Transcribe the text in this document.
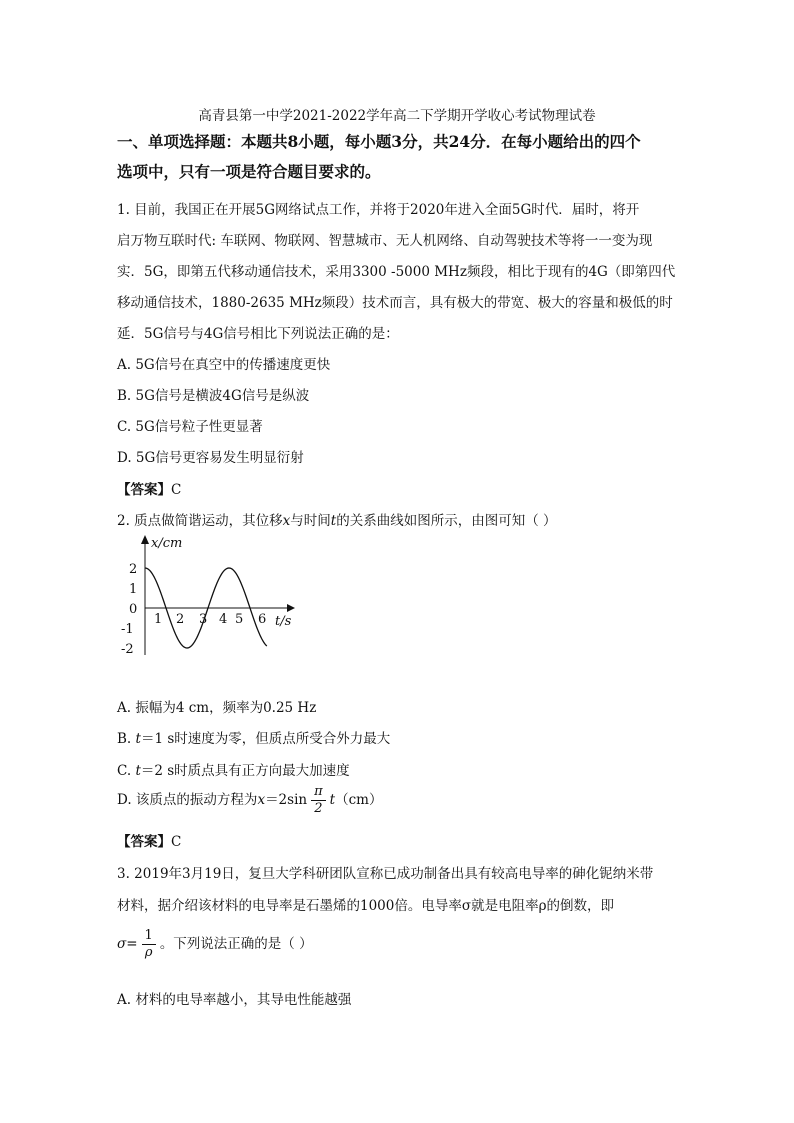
高青县第一中学2021-2022学年高二下学期开学收心考试物理试卷
一、单项选择题：本题共8小题，每小题3分，共24分．在每小题给出的四个
选项中，只有一项是符合题目要求的。
1. 目前，我国正在开展5G网络试点工作，并将于2020年进入全面5G时代．届时，将开
启万物互联时代: 车联网、物联网、智慧城市、无人机网络、自动驾驶技术等将一一变为现
实．5G，即第五代移动通信技术，采用3300 -5000 MHz频段，相比于现有的4G（即第四代
移动通信技术，1880-2635 MHz频段）技术而言，具有极大的带宽、极大的容量和极低的时
延．5G信号与4G信号相比下列说法正确的是：
A. 5G信号在真空中的传播速度更快
B. 5G信号是横波4G信号是纵波
C. 5G信号粒子性更显著
D. 5G信号更容易发生明显衍射
【答案】C
2. 质点做简谐运动，其位移x与时间t的关系曲线如图所示，由图可知（ ）
x/cm
t/s
2
1
0
-1
-2
1 2 3 4 5 6
A. 振幅为4 cm，频率为0.25 Hz
B. t＝1 s时速度为零，但质点所受合外力最大
C. t＝2 s时质点具有正方向最大加速度
D. 该质点的振动方程为$x=2\sin \frac{\pi}{2} t(cm)$
【答案】C
3. 2019年3月19日，复旦大学科研团队宣称已成功制备出具有较高电导率的砷化铌纳米带
材料，据介绍该材料的电导率是石墨烯的1000倍。电导率σ就是电阻率ρ的倒数，即
$\sigma= \frac{1}{\rho}$ 。下列说法正确的是（ ）
A. 材料的电导率越小，其导电性能越强
